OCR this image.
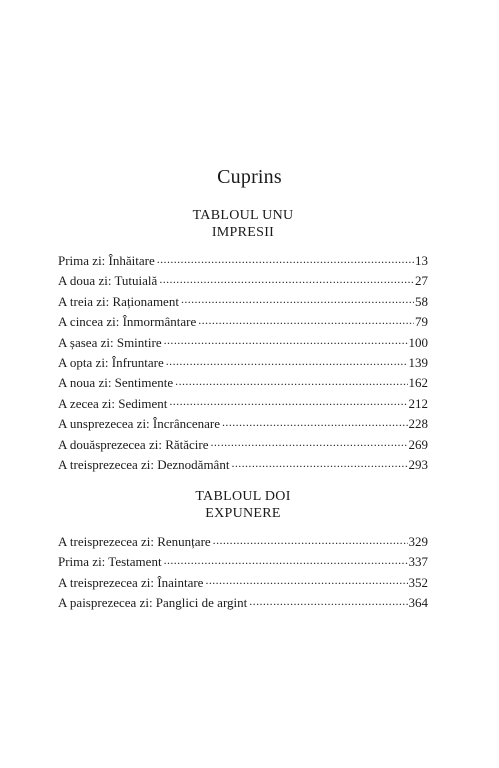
Cuprins
TABLOUL UNU
IMPRESII
Prima zi: Înhăitare .....	13
A doua zi: Tutuială .....	27
A treia zi: Raționament .....	58
A cincea zi: Înmormântare .....	79
A șasea zi: Smintire .....	100
A opta zi: Înfruntare .....	139
A noua zi: Sentimente .....	162
A zecea zi: Sediment .....	212
A unsprezecea zi: Încrâncenare .....	228
A douăsprezecea zi: Rătăcire .....	269
A treisprezecea zi: Deznodământ .....	293
TABLOUL DOI
EXPUNERE
A treisprezecea zi: Renunțare .....	329
Prima zi: Testament .....	337
A treisprezecea zi: Înaintare .....	352
A paisprezecea zi: Panglici de argint .....	364
